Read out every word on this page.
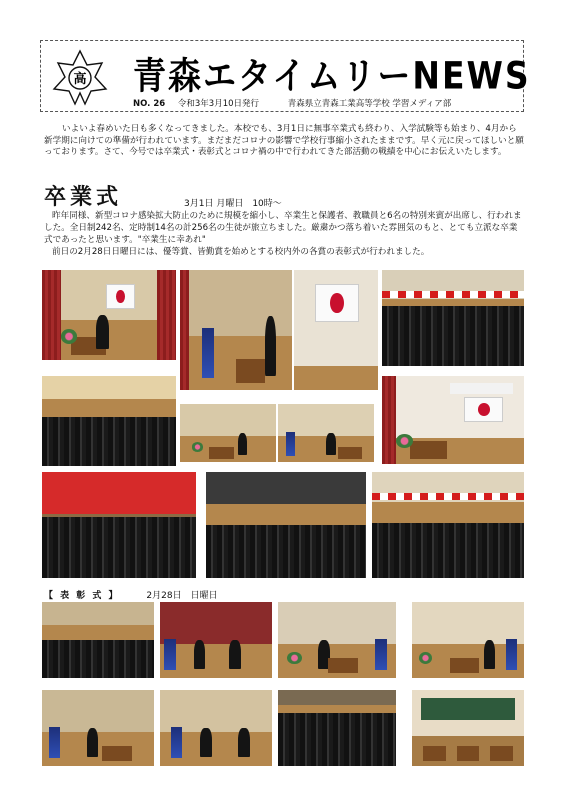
高 青森エタイムリーNEWS
NO. 26 令和3年3月10日発行	青森県立青森工業高等学校 学習メディア部

いよいよ春めいた日も多くなってきました。本校でも、3月1日に無事卒業式も終わり、入学試験等も始まり、4月から新学期に向けての準備が行われています。まだまだコロナの影響で学校行事縮小されたままです。早く元に戻ってほしいと願っております。さて、今号では卒業式・表彰式とコロナ禍の中で行われてきた部活動の戦績を中心にお伝えいたします。

卒業式	3月1日 月曜日　10時～

昨年同様、新型コロナ感染拡大防止のために規模を縮小し、卒業生と保護者、教職員と6名の特別来賓が出席し、行われました。全日制242名、定時制14名の計256名の生徒が旅立ちました。厳粛かつ落ち着いた雰囲気のもと、とても立派な卒業式であったと思います。"卒業生に幸あれ"

前日の2月28日日曜日には、優等賞、皆勤賞を始めとする校内外の各賞の表彰式が行われました。

【 表 彰 式 】	2月28日　日曜日
